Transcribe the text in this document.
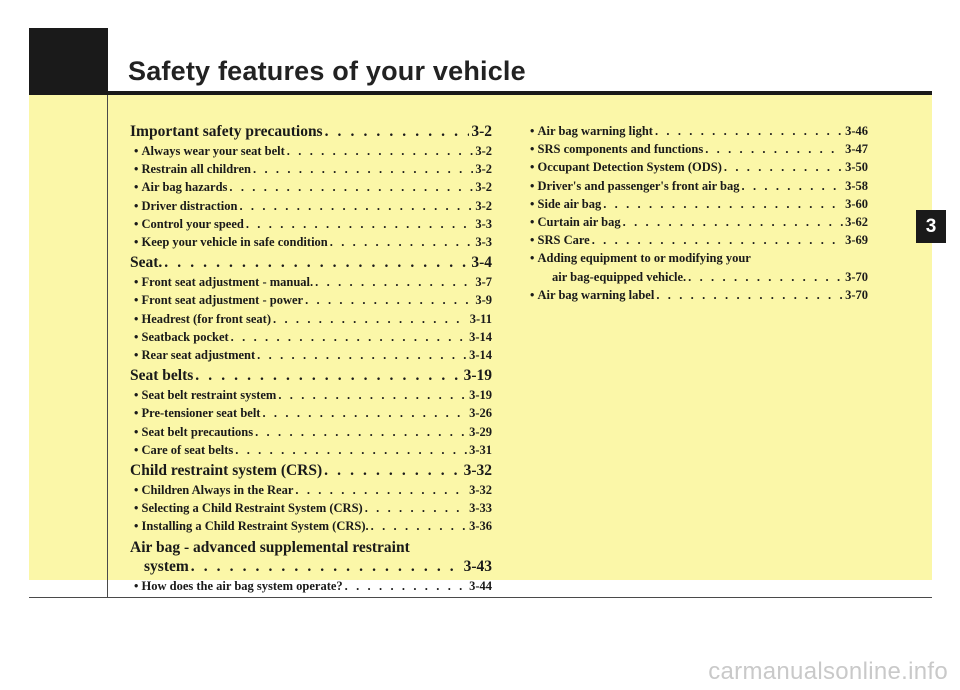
Safety features of your vehicle
3
Important safety precautions . . .	3-2
• Always wear your seat belt . . .	3-2
• Restrain all children . . .	3-2
• Air bag hazards . . .	3-2
• Driver distraction . . .	3-2
• Control your speed . . .	3-3
• Keep your vehicle in safe condition . . .	3-3
Seat. . . .	3-4
• Front seat adjustment - manual. . . .	3-7
• Front seat adjustment - power . . .	3-9
• Headrest (for front seat) . . .	3-11
• Seatback pocket . . .	3-14
• Rear seat adjustment . . .	3-14
Seat belts . . .	3-19
• Seat belt restraint system . . .	3-19
• Pre-tensioner seat belt . . .	3-26
• Seat belt precautions . . .	3-29
• Care of seat belts . . .	3-31
Child restraint system (CRS) . . .	3-32
• Children Always in the Rear . . .	3-32
• Selecting a Child Restraint System (CRS) . . .	3-33
• Installing a Child Restraint System (CRS). . . .	3-36
Air bag - advanced supplemental restraint
system . . .	3-43
• How does the air bag system operate? . . .	3-44
• Air bag warning light . . .	3-46
• SRS components and functions . . .	3-47
• Occupant Detection System (ODS) . . .	3-50
• Driver's and passenger's front air bag . . .	3-58
• Side air bag . . .	3-60
• Curtain air bag . . .	3-62
• SRS Care . . .	3-69
• Adding equipment to or modifying your
air bag-equipped vehicle. . . .	3-70
• Air bag warning label . . .	3-70
carmanualsonline.info
